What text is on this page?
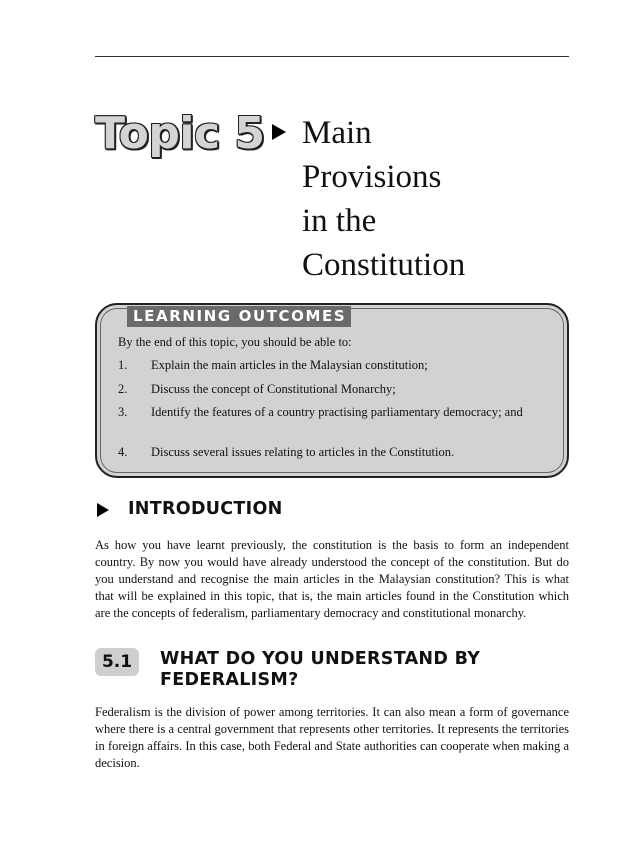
Topic 5 Main
Provisions
in the
Constitution
LEARNING OUTCOMES
By the end of this topic, you should be able to:
1. Explain the main articles in the Malaysian constitution;
2. Discuss the concept of Constitutional Monarchy;
3. Identify the features of a country practising parliamentary democracy; and
4. Discuss several issues relating to articles in the Constitution.
INTRODUCTION
As how you have learnt previously, the constitution is the basis to form an independent country. By now you would have already understood the concept of the constitution. But do you understand and recognise the main articles in the Malaysian constitution? This is what that will be explained in this topic, that is, the main articles found in the Constitution which are the concepts of federalism, parliamentary democracy and constitutional monarchy.
5.1	WHAT DO YOU UNDERSTAND BY FEDERALISM?
Federalism is the division of power among territories. It can also mean a form of governance where there is a central government that represents other territories. It represents the territories in foreign affairs. In this case, both Federal and State authorities can cooperate when making a decision.
